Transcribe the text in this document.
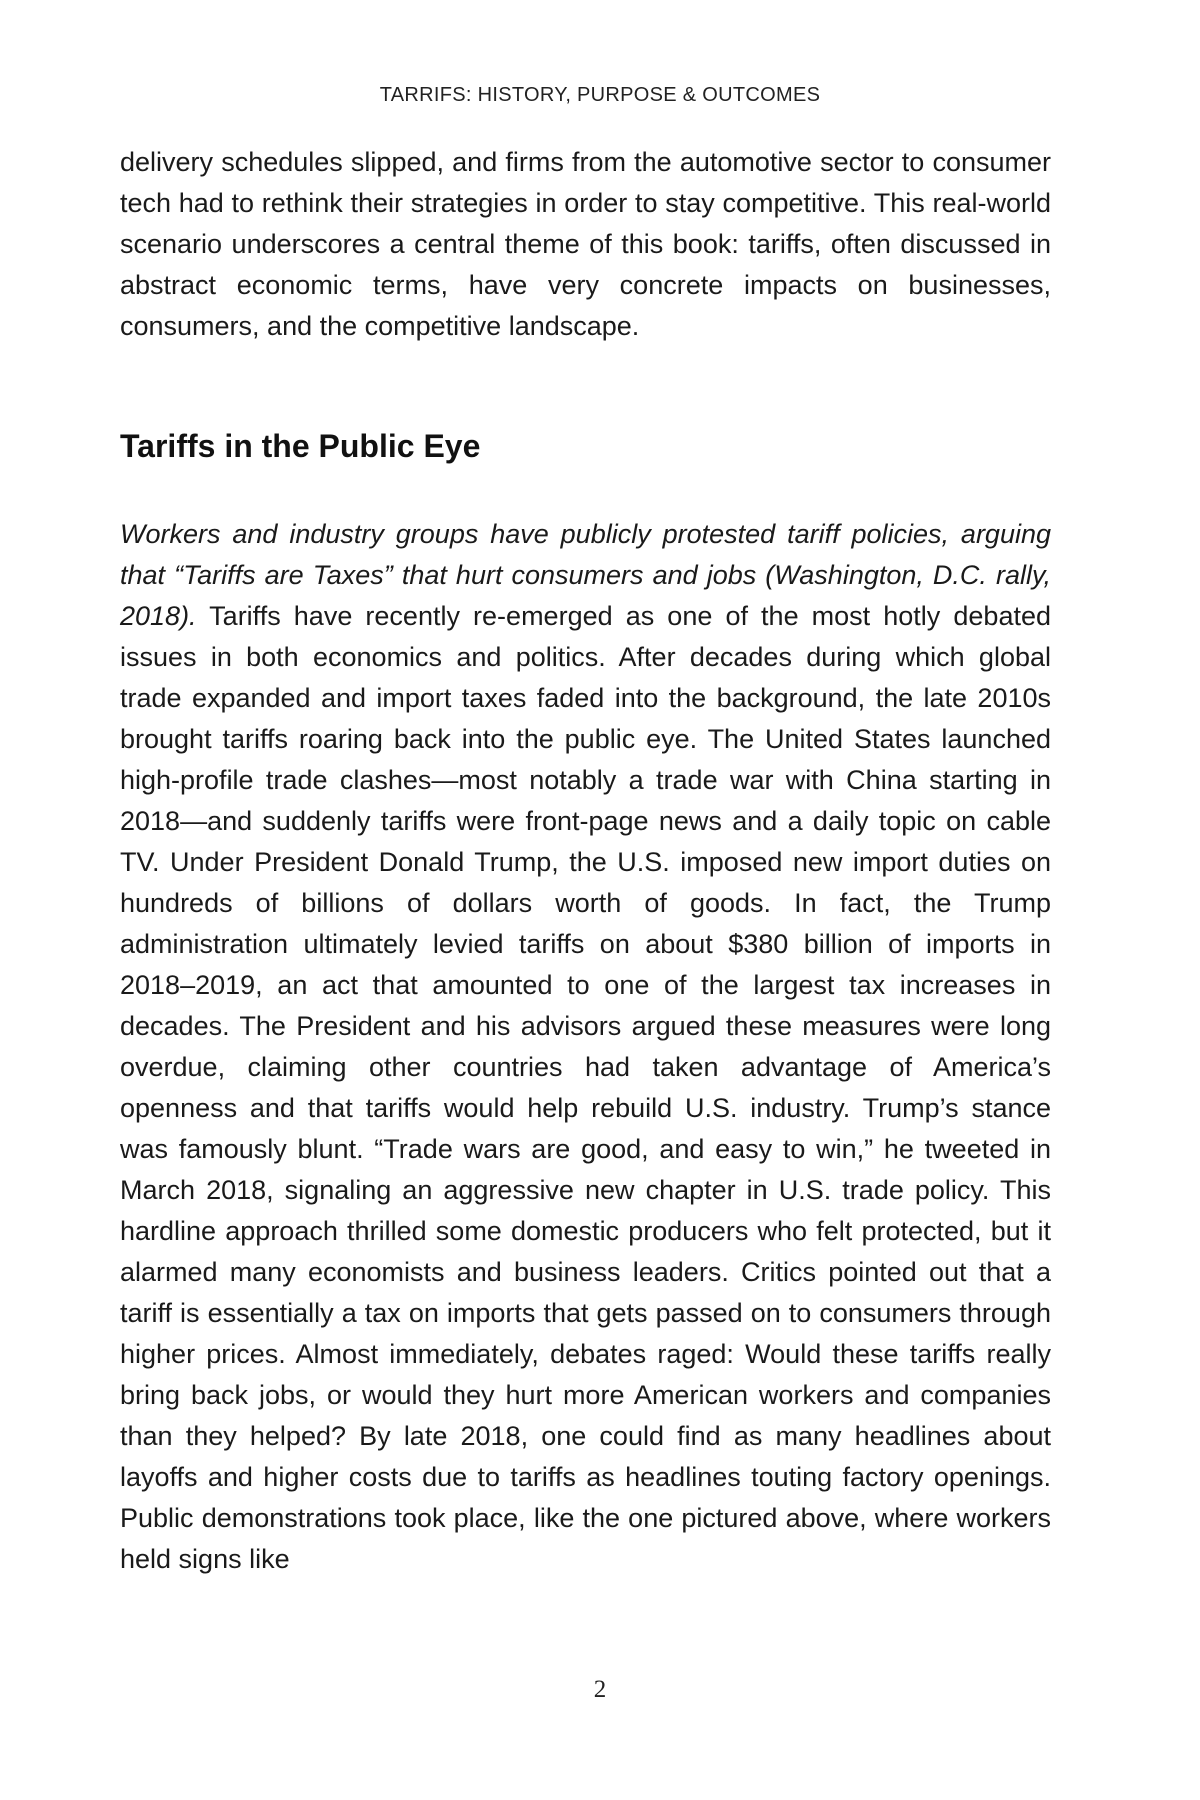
TARRIFS: HISTORY, PURPOSE & OUTCOMES

delivery schedules slipped, and firms from the automotive sector to consumer tech had to rethink their strategies in order to stay competitive. This real-world scenario underscores a central theme of this book: tariffs, often discussed in abstract economic terms, have very concrete impacts on businesses, consumers, and the competitive landscape.

Tariffs in the Public Eye

Workers and industry groups have publicly protested tariff policies, arguing that “Tariffs are Taxes” that hurt consumers and jobs (Washington, D.C. rally, 2018). Tariffs have recently re-emerged as one of the most hotly debated issues in both economics and politics. After decades during which global trade expanded and import taxes faded into the background, the late 2010s brought tariffs roaring back into the public eye. The United States launched high-profile trade clashes—most notably a trade war with China starting in 2018—and suddenly tariffs were front-page news and a daily topic on cable TV. Under President Donald Trump, the U.S. imposed new import duties on hundreds of billions of dollars worth of goods. In fact, the Trump administration ultimately levied tariffs on about $380 billion of imports in 2018–2019, an act that amounted to one of the largest tax increases in decades. The President and his advisors argued these measures were long overdue, claiming other countries had taken advantage of America’s openness and that tariffs would help rebuild U.S. industry. Trump’s stance was famously blunt. “Trade wars are good, and easy to win,” he tweeted in March 2018, signaling an aggressive new chapter in U.S. trade policy. This hardline approach thrilled some domestic producers who felt protected, but it alarmed many economists and business leaders. Critics pointed out that a tariff is essentially a tax on imports that gets passed on to consumers through higher prices. Almost immediately, debates raged: Would these tariffs really bring back jobs, or would they hurt more American workers and companies than they helped? By late 2018, one could find as many headlines about layoffs and higher costs due to tariffs as headlines touting factory openings. Public demonstrations took place, like the one pictured above, where workers held signs like

2
